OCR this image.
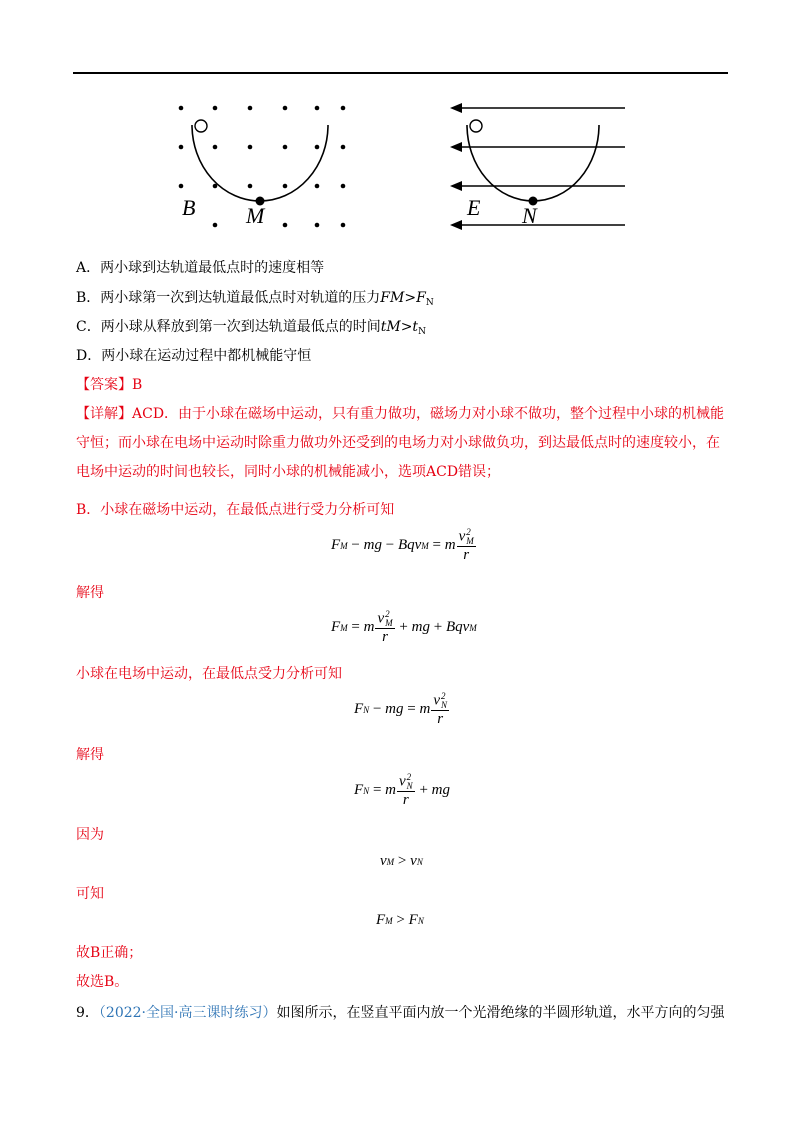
B M	E N
A．两小球到达轨道最低点时的速度相等
B．两小球第一次到达轨道最低点时对轨道的压力$FM>F_N$
C．两小球从释放到第一次到达轨道最低点的时间$tM>t_N$
D．两小球在运动过程中都机械能守恒
【答案】B
【详解】ACD．由于小球在磁场中运动，只有重力做功，磁场力对小球不做功，整个过程中小球的机械能守恒；而小球在电场中运动时除重力做功外还受到的电场力对小球做负功，到达最低点时的速度较小，在电场中运动的时间也较长，同时小球的机械能减小，选项ACD错误；
B．小球在磁场中运动，在最低点进行受力分析可知
F M
− mg − Bqv M
= m v 2
M
r
解得
F M
= m v 2
M
r
+ mg + Bqv M
小球在电场中运动，在最低点受力分析可知
F N
− mg = m v 2
N
r
解得
F N
= m v 2
N
r
+ mg
因为
v M
> v N
可知
F M
> F N
故B正确；
故选B。
9．（2022·全国·高三课时练习）如图所示，在竖直平面内放一个光滑绝缘的半圆形轨道，水平方向的匀强
